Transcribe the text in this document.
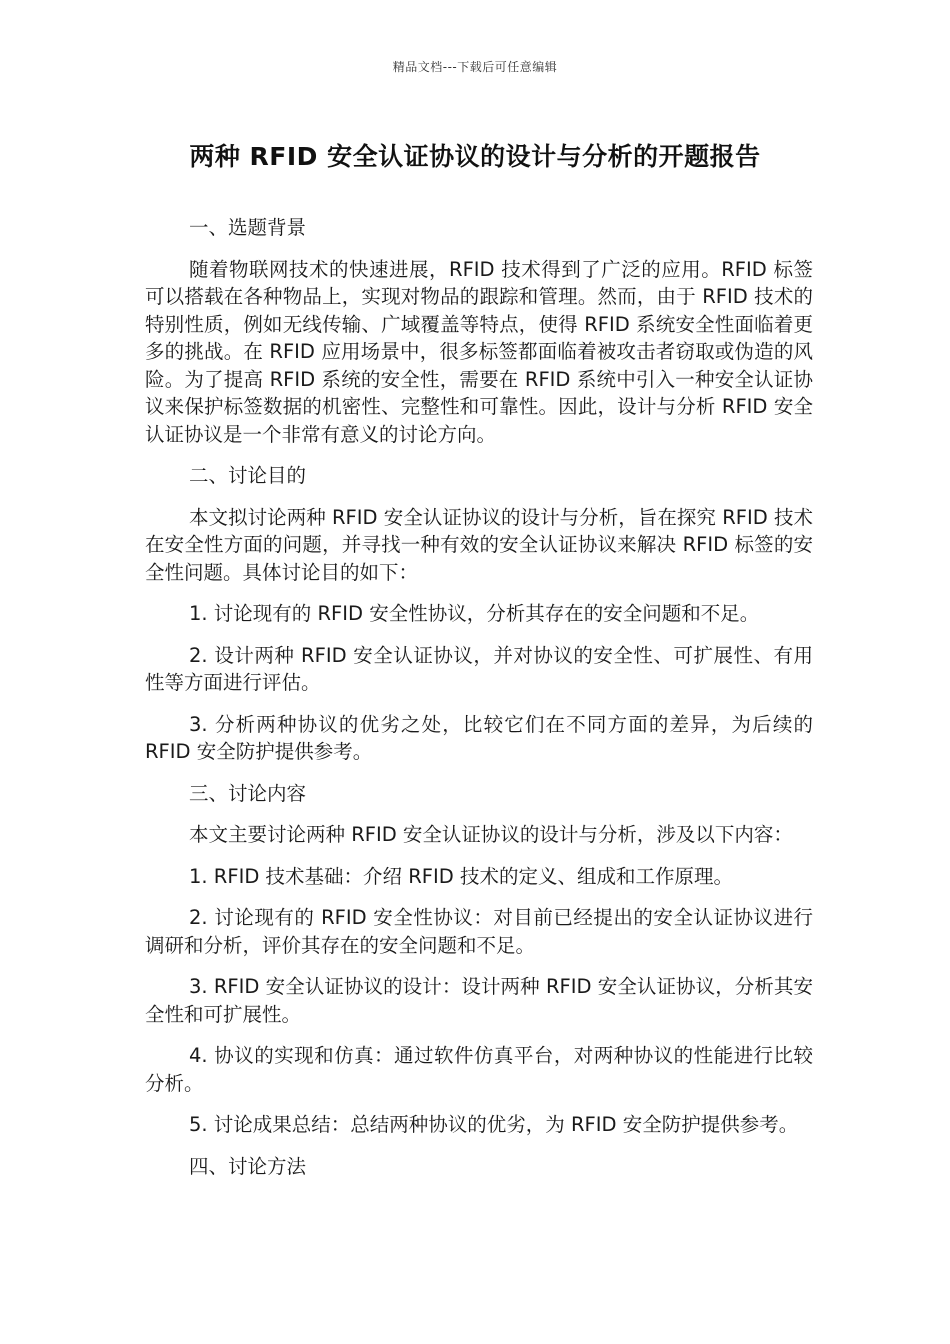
精品文档---下载后可任意编辑
两种 RFID 安全认证协议的设计与分析的开题报告

一、选题背景

随着物联网技术的快速进展，RFID 技术得到了广泛的应用。RFID 标签可以搭载在各种物品上，实现对物品的跟踪和管理。然而，由于 RFID 技术的特别性质，例如无线传输、广域覆盖等特点，使得 RFID 系统安全性面临着更多的挑战。在 RFID 应用场景中，很多标签都面临着被攻击者窃取或伪造的风险。为了提高 RFID 系统的安全性，需要在 RFID 系统中引入一种安全认证协议来保护标签数据的机密性、完整性和可靠性。因此，设计与分析 RFID 安全认证协议是一个非常有意义的讨论方向。

二、讨论目的

本文拟讨论两种 RFID 安全认证协议的设计与分析，旨在探究 RFID 技术在安全性方面的问题，并寻找一种有效的安全认证协议来解决 RFID 标签的安全性问题。具体讨论目的如下：

1. 讨论现有的 RFID 安全性协议，分析其存在的安全问题和不足。

2. 设计两种 RFID 安全认证协议，并对协议的安全性、可扩展性、有用性等方面进行评估。

3. 分析两种协议的优劣之处，比较它们在不同方面的差异，为后续的 RFID 安全防护提供参考。

三、讨论内容

本文主要讨论两种 RFID 安全认证协议的设计与分析，涉及以下内容：

1. RFID 技术基础：介绍 RFID 技术的定义、组成和工作原理。

2. 讨论现有的 RFID 安全性协议：对目前已经提出的安全认证协议进行调研和分析，评价其存在的安全问题和不足。

3. RFID 安全认证协议的设计：设计两种 RFID 安全认证协议，分析其安全性和可扩展性。

4. 协议的实现和仿真：通过软件仿真平台，对两种协议的性能进行比较分析。

5. 讨论成果总结：总结两种协议的优劣，为 RFID 安全防护提供参考。

四、讨论方法
